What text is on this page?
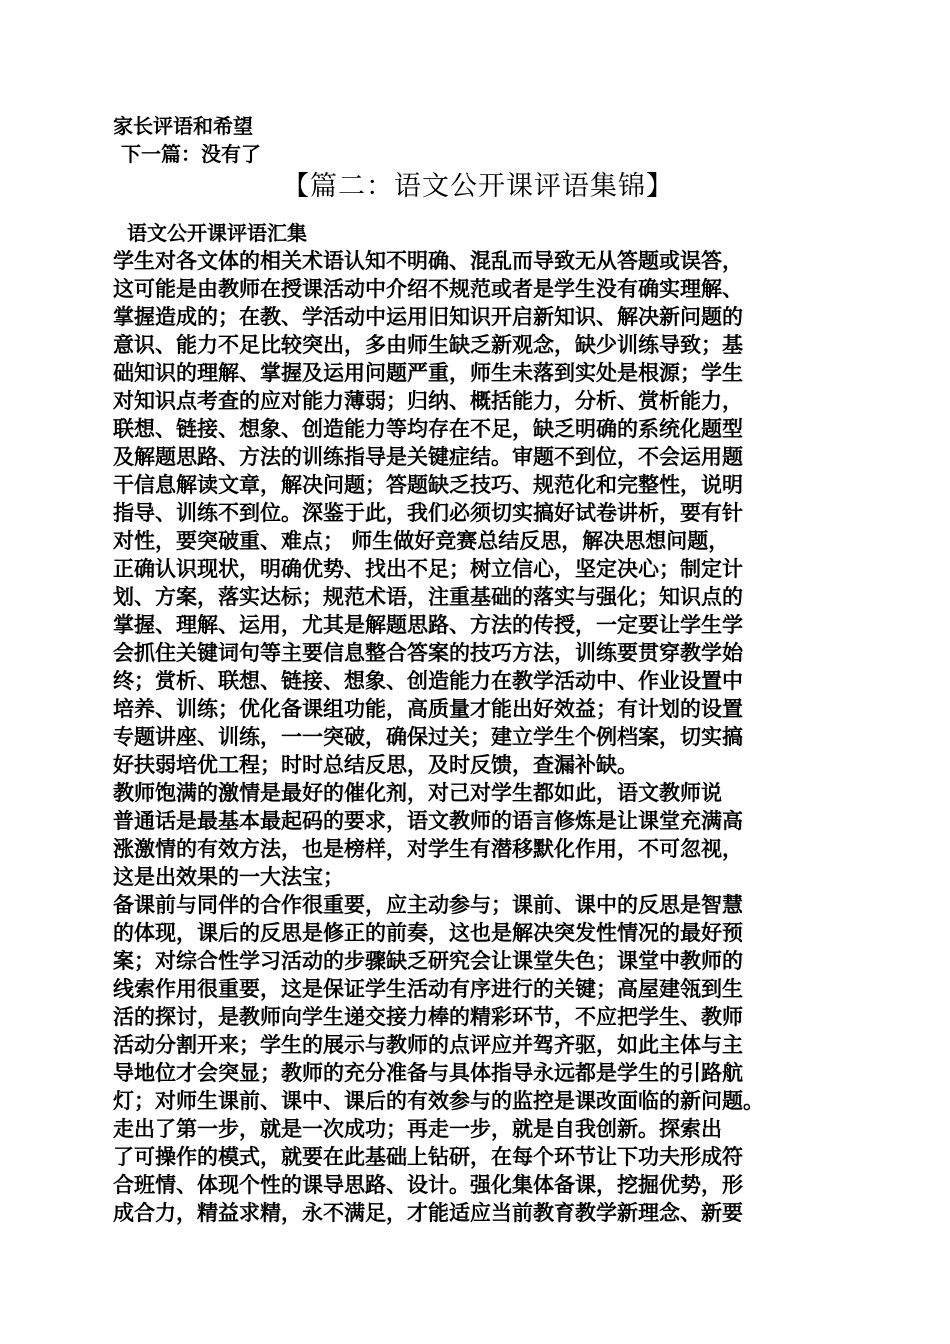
家长评语和希望
下一篇：没有了
【篇二：语文公开课评语集锦】
语文公开课评语汇集
学生对各文体的相关术语认知不明确、混乱而导致无从答题或误答，
这可能是由教师在授课活动中介绍不规范或者是学生没有确实理解、
掌握造成的；在教、学活动中运用旧知识开启新知识、解决新问题的
意识、能力不足比较突出，多由师生缺乏新观念，缺少训练导致；基
础知识的理解、掌握及运用问题严重，师生未落到实处是根源；学生
对知识点考查的应对能力薄弱；归纳、概括能力，分析、赏析能力，
联想、链接、想象、创造能力等均存在不足，缺乏明确的系统化题型
及解题思路、方法的训练指导是关键症结。审题不到位，不会运用题
干信息解读文章，解决问题；答题缺乏技巧、规范化和完整性，说明
指导、训练不到位。深鉴于此，我们必须切实搞好试卷讲析，要有针
对性，要突破重、难点； 师生做好竞赛总结反思，解决思想问题，
正确认识现状，明确优势、找出不足；树立信心，坚定决心；制定计
划、方案，落实达标；规范术语，注重基础的落实与强化；知识点的
掌握、理解、运用，尤其是解题思路、方法的传授，一定要让学生学
会抓住关键词句等主要信息整合答案的技巧方法，训练要贯穿教学始
终；赏析、联想、链接、想象、创造能力在教学活动中、作业设置中
培养、训练；优化备课组功能，高质量才能出好效益；有计划的设置
专题讲座、训练，一一突破，确保过关；建立学生个例档案，切实搞
好扶弱培优工程；时时总结反思，及时反馈，查漏补缺。
教师饱满的激情是最好的催化剂，对己对学生都如此，语文教师说
普通话是最基本最起码的要求，语文教师的语言修炼是让课堂充满高
涨激情的有效方法，也是榜样，对学生有潜移默化作用，不可忽视，
这是出效果的一大法宝；
备课前与同伴的合作很重要，应主动参与；课前、课中的反思是智慧
的体现，课后的反思是修正的前奏，这也是解决突发性情况的最好预
案；对综合性学习活动的步骤缺乏研究会让课堂失色；课堂中教师的
线索作用很重要，这是保证学生活动有序进行的关键；高屋建瓴到生
活的探讨，是教师向学生递交接力棒的精彩环节，不应把学生、教师
活动分割开来；学生的展示与教师的点评应并驾齐驱，如此主体与主
导地位才会突显；教师的充分准备与具体指导永远都是学生的引路航
灯；对师生课前、课中、课后的有效参与的监控是课改面临的新问题。
走出了第一步，就是一次成功；再走一步，就是自我创新。探索出
了可操作的模式，就要在此基础上钻研，在每个环节让下功夫形成符
合班情、体现个性的课导思路、设计。强化集体备课，挖掘优势，形
成合力，精益求精，永不满足，才能适应当前教育教学新理念、新要
